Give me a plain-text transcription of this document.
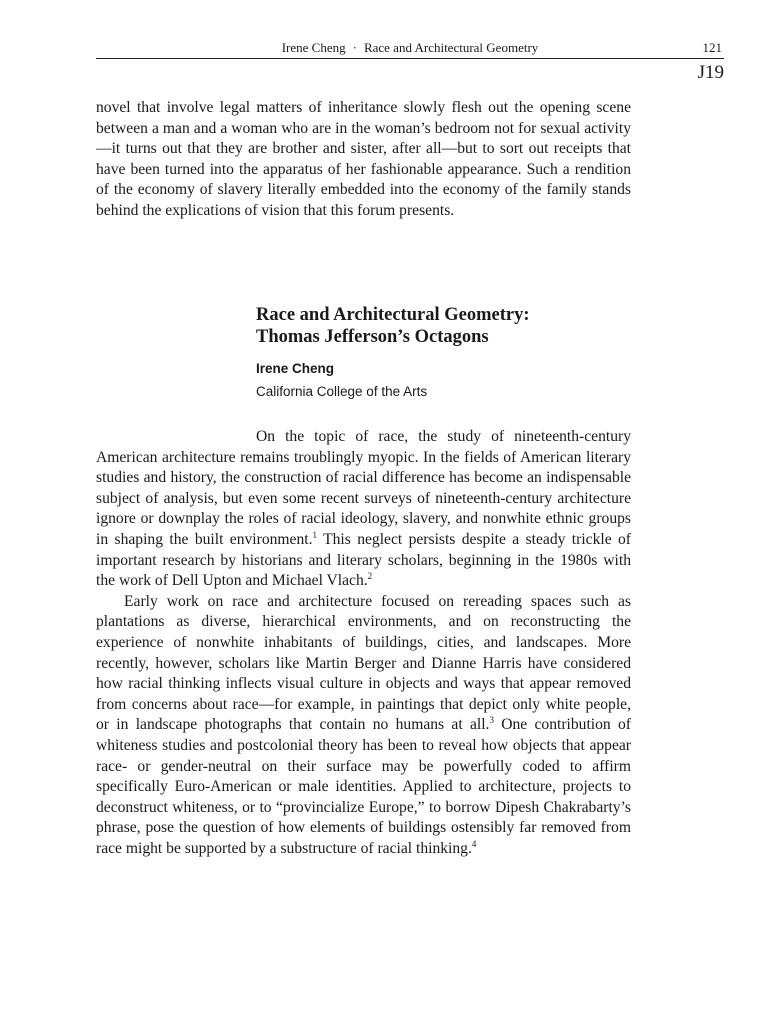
Irene Cheng · Race and Architectural Geometry	121
J19

novel that involve legal matters of inheritance slowly flesh out the opening scene between a man and a woman who are in the woman’s bedroom not for sexual activity—it turns out that they are brother and sister, after all—but to sort out receipts that have been turned into the apparatus of her fashionable appearance. Such a rendition of the economy of slavery literally embedded into the economy of the family stands behind the explications of vision that this forum presents.

Race and Architectural Geometry:
Thomas Jefferson’s Octagons

Irene Cheng

California College of the Arts

On the topic of race, the study of nineteenth-century American architecture remains troublingly myopic. In the fields of American literary studies and history, the construction of racial difference has become an indispensable subject of analysis, but even some recent surveys of nineteenth-century architecture ignore or downplay the roles of racial ideology, slavery, and nonwhite ethnic groups in shaping the built environment.$^1$ This neglect persists despite a steady trickle of important research by historians and literary scholars, beginning in the 1980s with the work of Dell Upton and Michael Vlach.$^2$

Early work on race and architecture focused on rereading spaces such as plantations as diverse, hierarchical environments, and on reconstructing the experience of nonwhite inhabitants of buildings, cities, and landscapes. More recently, however, scholars like Martin Berger and Dianne Harris have considered how racial thinking inflects visual culture in objects and ways that appear removed from concerns about race—for example, in paintings that depict only white people, or in landscape photographs that contain no humans at all.$^3$ One contribution of whiteness studies and postcolonial theory has been to reveal how objects that appear race- or gender-neutral on their surface may be powerfully coded to affirm specifically Euro-American or male identities. Applied to architecture, projects to deconstruct whiteness, or to “provincialize Europe,” to borrow Dipesh Chakrabarty’s phrase, pose the question of how elements of buildings ostensibly far removed from race might be supported by a substructure of racial thinking.$^4$
